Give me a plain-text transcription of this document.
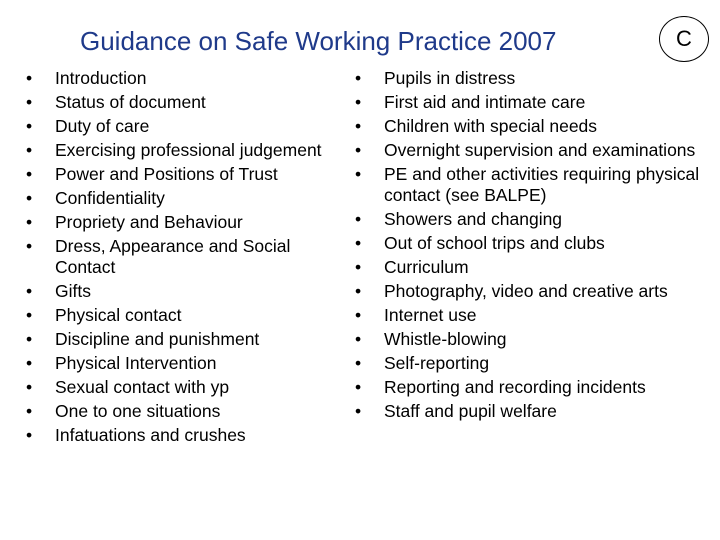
Guidance on Safe Working Practice 2007	C
•	Introduction
•	Status of document
•	Duty of care
•	Exercising professional judgement
•	Power and Positions of Trust
•	Confidentiality
•	Propriety and Behaviour
•	Dress, Appearance and Social Contact
•	Gifts
•	Physical contact
•	Discipline and punishment
•	Physical Intervention
•	Sexual contact with yp
•	One to one situations
•	Infatuations and crushes
•	Pupils in distress
•	First aid and intimate care
•	Children with special needs
•	Overnight supervision and examinations
•	PE and other activities requiring physical contact (see BALPE)
•	Showers and changing
•	Out of school trips and clubs
•	Curriculum
•	Photography, video and creative arts
•	Internet use
•	Whistle-blowing
•	Self-reporting
•	Reporting and recording incidents
•	Staff and pupil welfare
